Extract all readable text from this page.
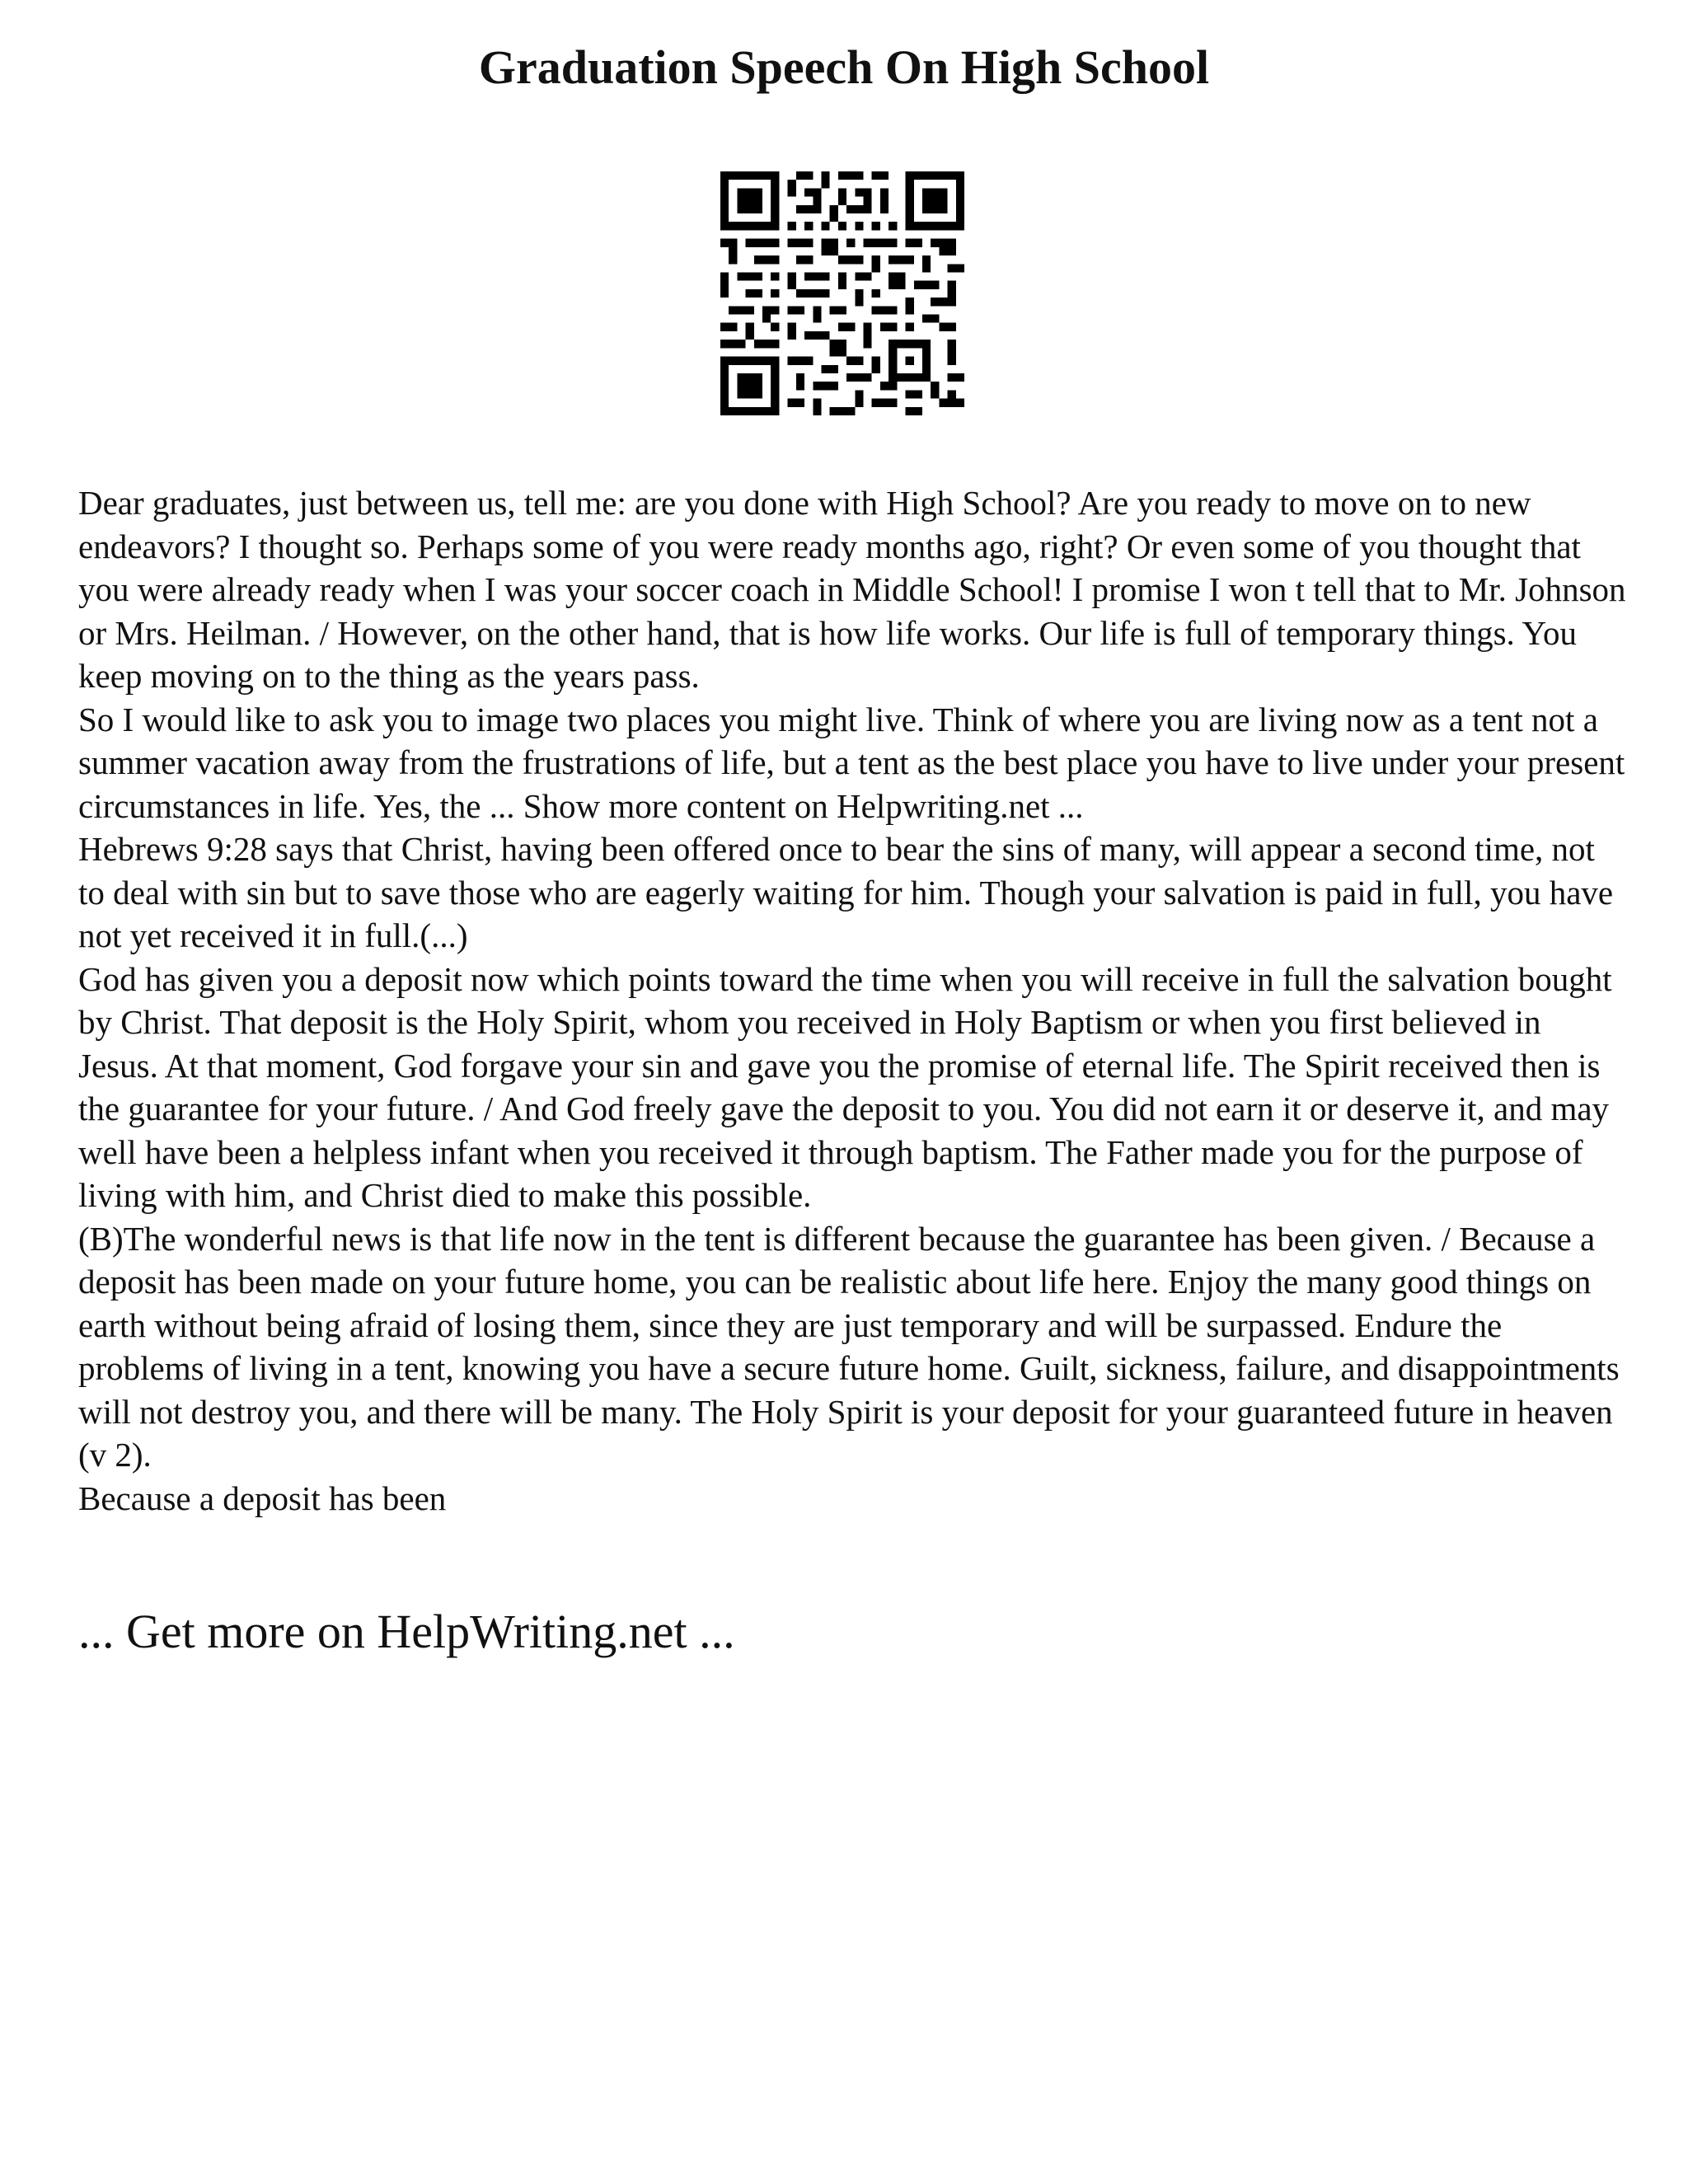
Graduation Speech On High School

Dear graduates, just between us, tell me: are you done with High School? Are you ready to move on to new endeavors? I thought so. Perhaps some of you were ready months ago, right? Or even some of you thought that you were already ready when I was your soccer coach in Middle School! I promise I won t tell that to Mr. Johnson or Mrs. Heilman. / However, on the other hand, that is how life works. Our life is full of temporary things. You keep moving on to the thing as the years pass.

So I would like to ask you to image two places you might live. Think of where you are living now as a tent not a summer vacation away from the frustrations of life, but a tent as the best place you have to live under your present circumstances in life. Yes, the ... Show more content on Helpwriting.net ...

Hebrews 9:28 says that Christ, having been offered once to bear the sins of many, will appear a second time, not to deal with sin but to save those who are eagerly waiting for him. Though your salvation is paid in full, you have not yet received it in full.(...)

God has given you a deposit now which points toward the time when you will receive in full the salvation bought by Christ. That deposit is the Holy Spirit, whom you received in Holy Baptism or when you first believed in Jesus. At that moment, God forgave your sin and gave you the promise of eternal life. The Spirit received then is the guarantee for your future. / And God freely gave the deposit to you. You did not earn it or deserve it, and may well have been a helpless infant when you received it through baptism. The Father made you for the purpose of living with him, and Christ died to make this possible.

(B)The wonderful news is that life now in the tent is different because the guarantee has been given. / Because a deposit has been made on your future home, you can be realistic about life here. Enjoy the many good things on earth without being afraid of losing them, since they are just temporary and will be surpassed. Endure the problems of living in a tent, knowing you have a secure future home. Guilt, sickness, failure, and disappointments will not destroy you, and there will be many. The Holy Spirit is your deposit for your guaranteed future in heaven (v 2).

Because a deposit has been

... Get more on HelpWriting.net ...
